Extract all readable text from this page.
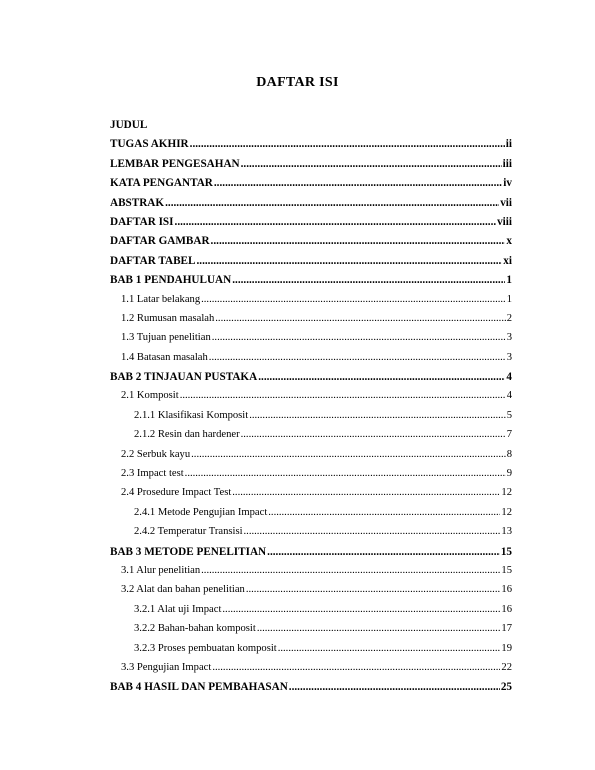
DAFTAR ISI
JUDUL
TUGAS AKHIR .....	ii
LEMBAR PENGESAHAN .....	iii
KATA PENGANTAR .....	iv
ABSTRAK .....	vii
DAFTAR ISI .....	viii
DAFTAR GAMBAR .....	x
DAFTAR TABEL .....	xi
BAB 1 PENDAHULUAN .....	1
1.1 Latar belakang .....	1
1.2 Rumusan masalah .....	2
1.3 Tujuan penelitian .....	3
1.4 Batasan masalah .....	3
BAB 2 TINJAUAN PUSTAKA .....	4
2.1 Komposit .....	4
2.1.1 Klasifikasi Komposit .....	5
2.1.2 Resin dan hardener .....	7
2.2 Serbuk kayu .....	8
2.3 Impact test .....	9
2.4 Prosedure Impact Test .....	12
2.4.1 Metode Pengujian Impact .....	12
2.4.2 Temperatur Transisi .....	13
BAB 3 METODE PENELITIAN .....	15
3.1 Alur penelitian .....	15
3.2 Alat dan bahan penelitian .....	16
3.2.1 Alat uji Impact .....	16
3.2.2 Bahan-bahan komposit .....	17
3.2.3 Proses pembuatan komposit .....	19
3.3 Pengujian Impact .....	22
BAB 4 HASIL DAN PEMBAHASAN .....	25
